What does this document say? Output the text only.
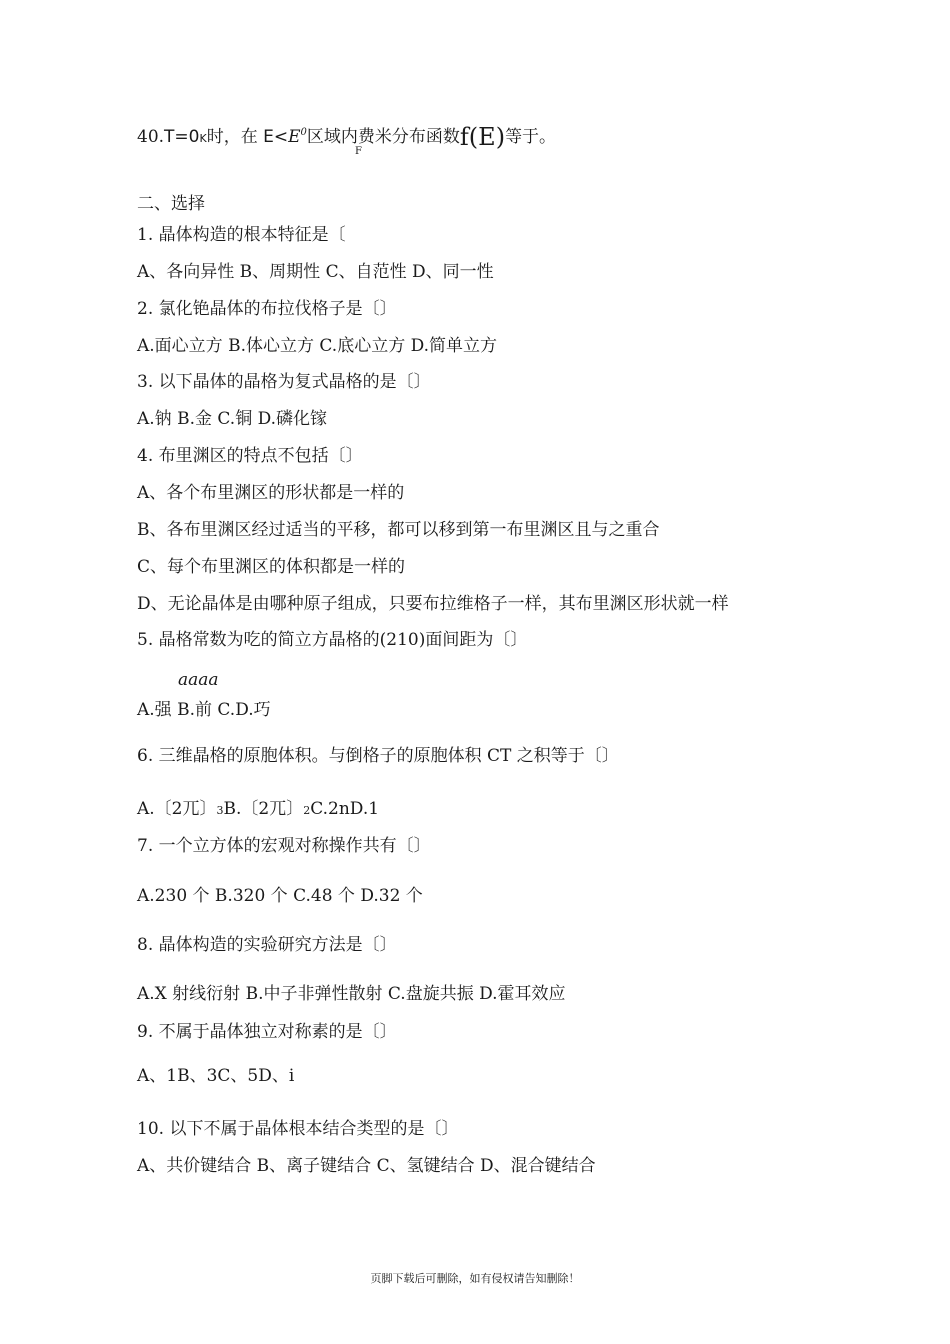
40.T=0K时，在 $E<E^0$区域内费米分布函数f(E)等于。
F
二、选择
1. 晶体构造的根本特征是〔
A、各向异性 B、周期性 C、自范性 D、同一性
2. 氯化铯晶体的布拉伐格子是〔〕
A.面心立方 B.体心立方 C.底心立方 D.简单立方
3. 以下晶体的晶格为复式晶格的是〔〕
A.钠 B.金 C.铜 D.磷化镓
4. 布里渊区的特点不包括〔〕
A、各个布里渊区的形状都是一样的
B、各布里渊区经过适当的平移，都可以移到第一布里渊区且与之重合
C、每个布里渊区的体积都是一样的
D、无论晶体是由哪种原子组成，只要布拉维格子一样，其布里渊区形状就一样
5. 晶格常数为吃的简立方晶格的(210)面间距为〔〕
aaaa
A.强 B.前 C.D.巧
6. 三维晶格的原胞体积。与倒格子的原胞体积 CT 之积等于〔〕
A.〔2兀〕3B.〔2兀〕2C.2nD.1
7. 一个立方体的宏观对称操作共有〔〕
A.230 个 B.320 个 C.48 个 D.32 个
8. 晶体构造的实验研究方法是〔〕
A.X 射线衍射 B.中子非弹性散射 C.盘旋共振 D.霍耳效应
9. 不属于晶体独立对称素的是〔〕
A、1B、3C、5D、i
10. 以下不属于晶体根本结合类型的是〔〕
A、共价键结合 B、离子键结合 C、氢键结合 D、混合键结合
页脚下载后可删除，如有侵权请告知删除！
